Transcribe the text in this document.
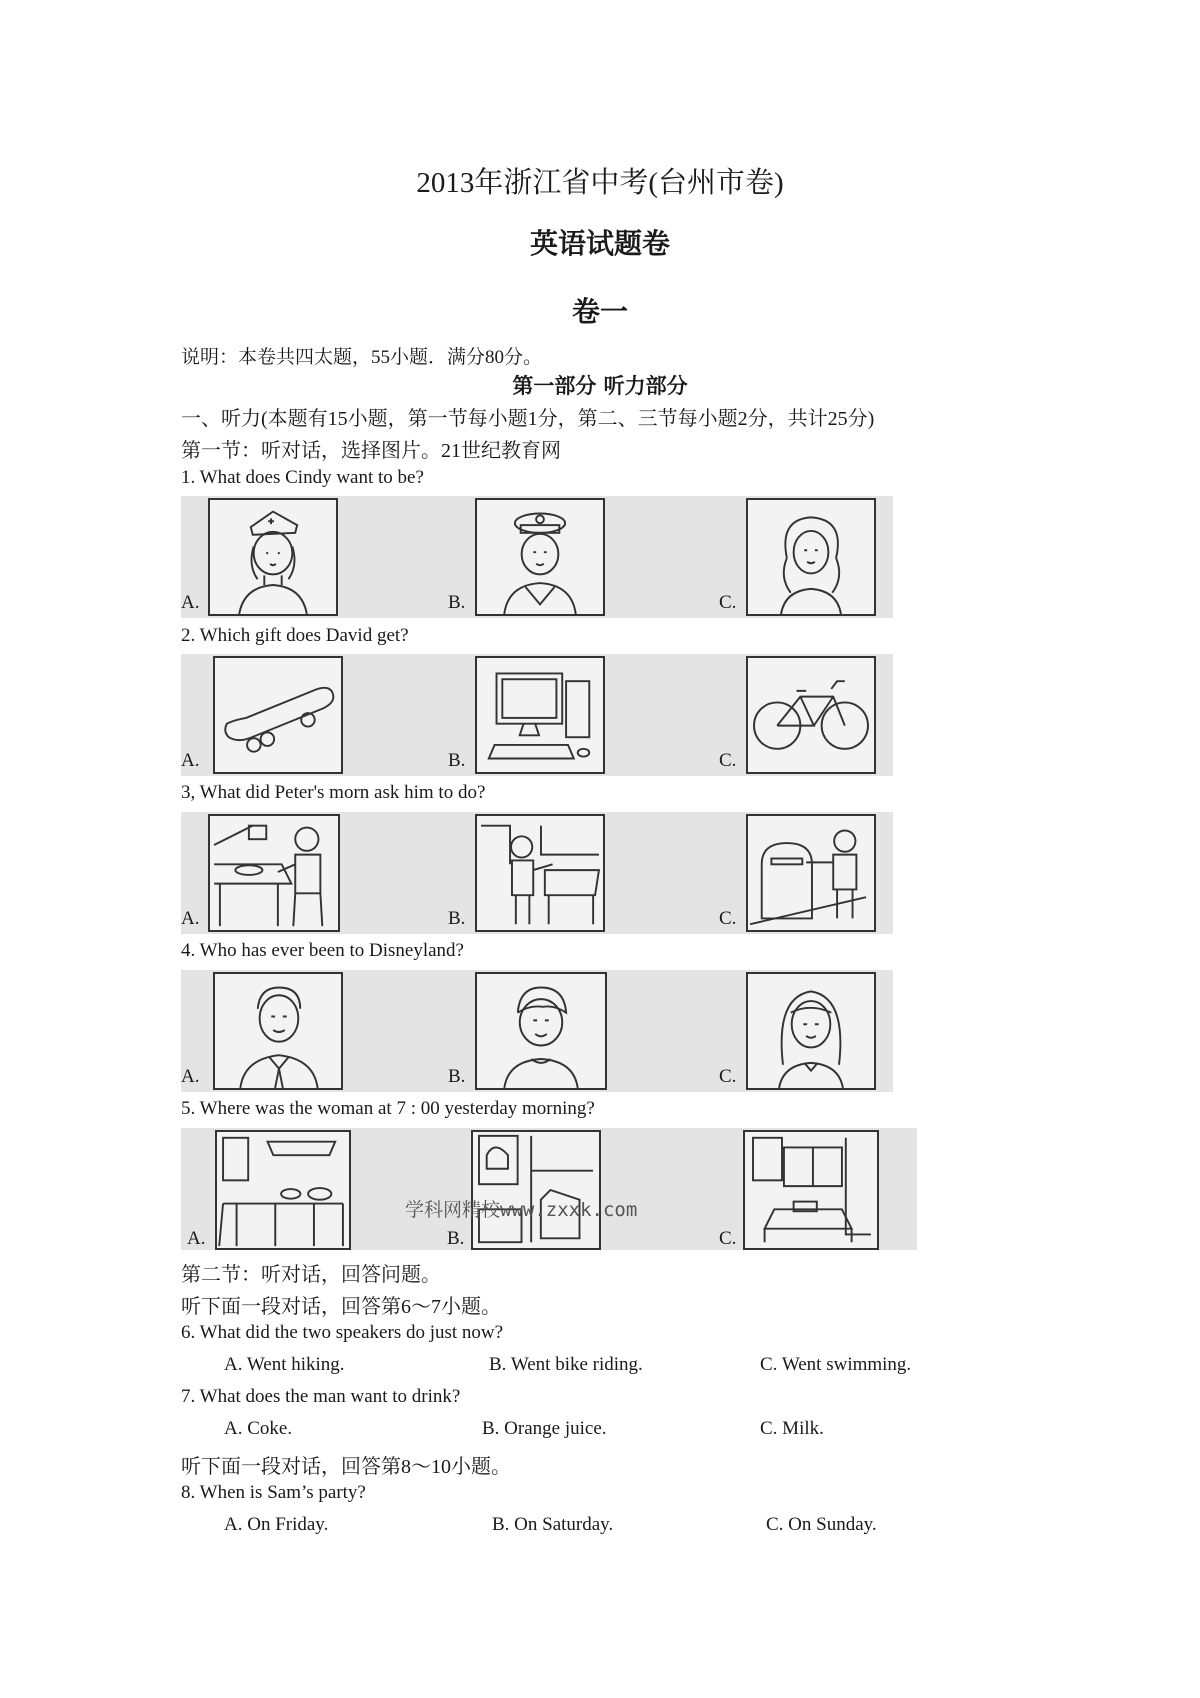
2013年浙江省中考(台州市卷)
英语试题卷
卷一
说明：本卷共四太题，55小题．满分80分。
第一部分 听力部分
一、听力(本题有15小题，第一节每小题1分，第二、三节每小题2分，共计25分)
第一节：听对话，选择图片。21世纪教育网
1. What does Cindy want to be?
A.	B.	C.
2. Which gift does David get?
A.	B.	C.
3, What did Peter's morn ask him to do?
A.	B.	C.
4. Who has ever been to Disneyland?
A.	B.	C.
5. Where was the woman at 7 : 00 yesterday morning?
A.	B.	C.
学科网精校www.zxxk.com
第二节：听对话，回答问题。
听下面一段对话，回答第6～7小题。
6. What did the two speakers do just now?
A. Went hiking.	B. Went bike riding.	C. Went swimming.
7. What does the man want to drink?
A. Coke.	B. Orange juice.	C. Milk.
听下面一段对话，回答第8～10小题。
8. When is Sam’s party?
A. On Friday.	B. On Saturday.	C. On Sunday.
